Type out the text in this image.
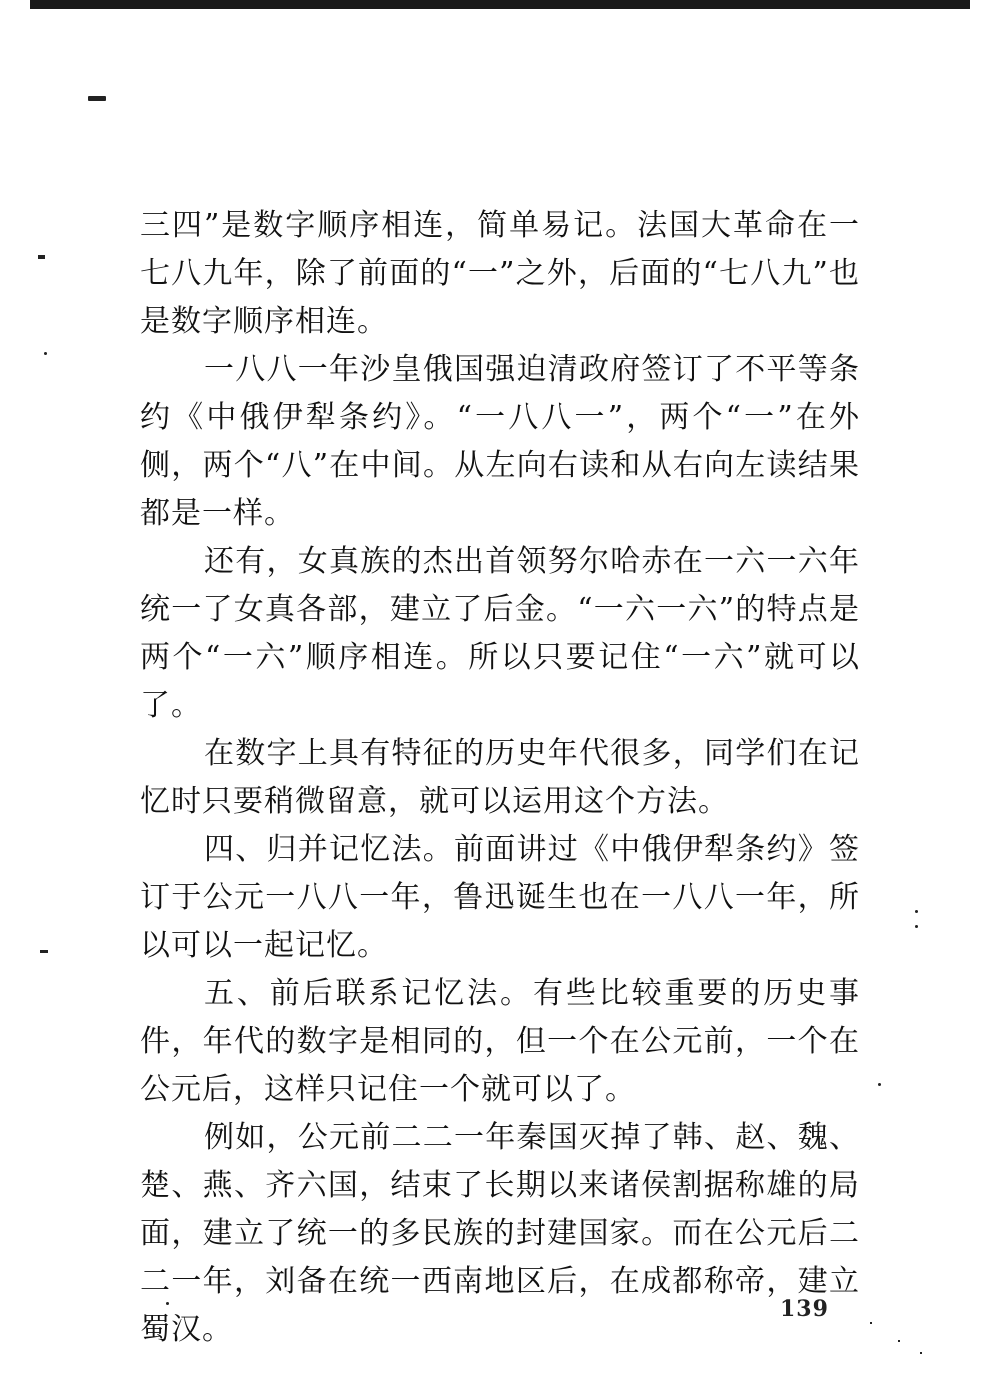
三四”是数字顺序相连，简单易记。法国大革命在一七八九年，除了前面的“一”之外，后面的“七八九”也是数字顺序相连。

一八八一年沙皇俄国强迫清政府签订了不平等条约《中俄伊犁条约》。“一八八一”，两个“一”在外侧，两个“八”在中间。从左向右读和从右向左读结果都是一样。

还有，女真族的杰出首领努尔哈赤在一六一六年统一了女真各部，建立了后金。“一六一六”的特点是两个“一六”顺序相连。所以只要记住“一六”就可以了。

在数字上具有特征的历史年代很多，同学们在记忆时只要稍微留意，就可以运用这个方法。

四、归并记忆法。前面讲过《中俄伊犁条约》签订于公元一八八一年，鲁迅诞生也在一八八一年，所以可以一起记忆。

五、前后联系记忆法。有些比较重要的历史事件，年代的数字是相同的，但一个在公元前，一个在公元后，这样只记住一个就可以了。

例如，公元前二二一年秦国灭掉了韩、赵、魏、楚、燕、齐六国，结束了长期以来诸侯割据称雄的局面，建立了统一的多民族的封建国家。而在公元后二二一年，刘备在统一西南地区后，在成都称帝，建立蜀汉。

139
